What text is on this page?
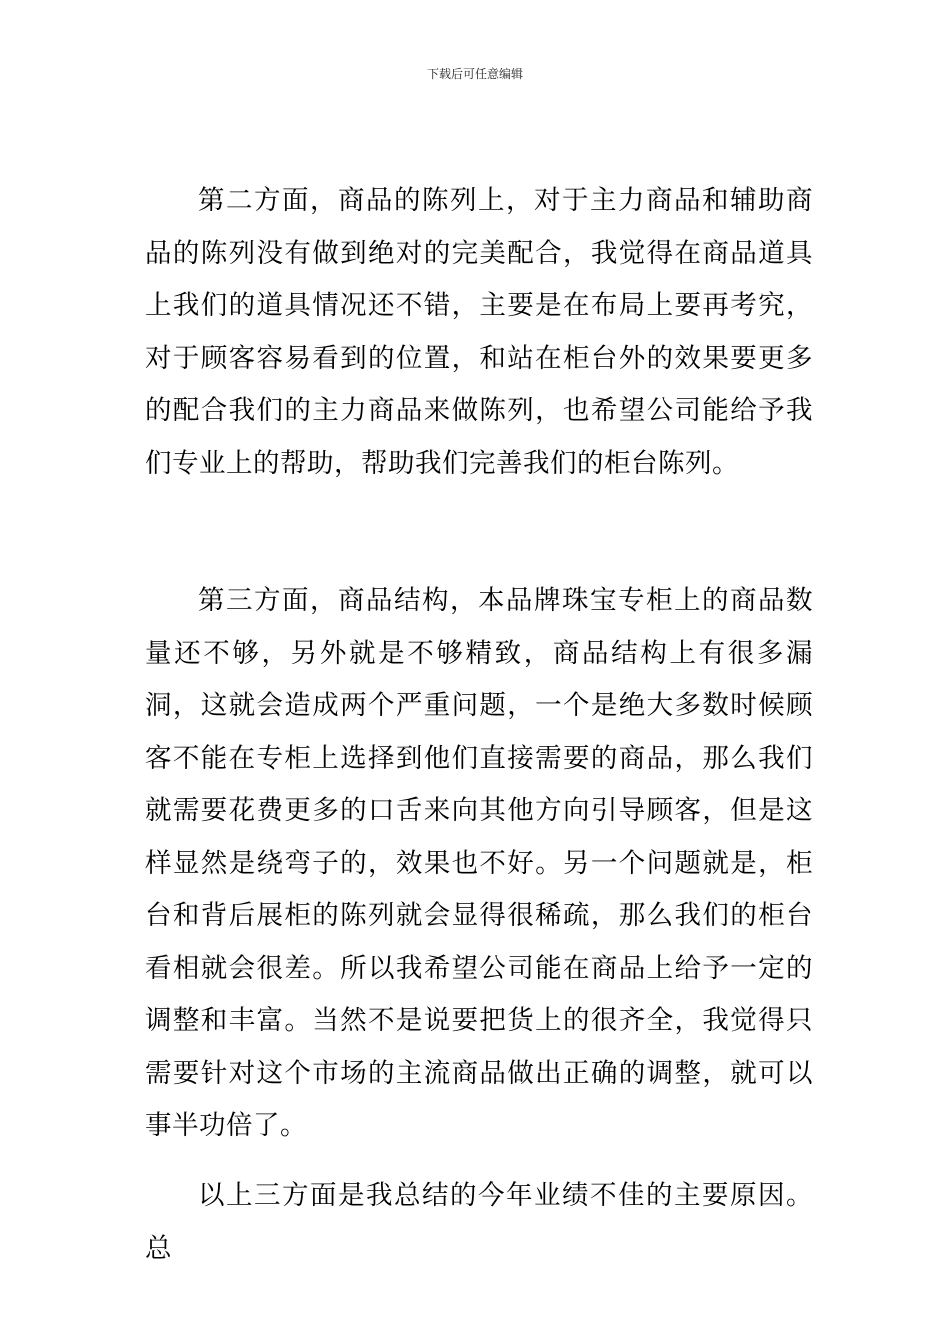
下载后可任意编辑

第二方面，商品的陈列上，对于主力商品和辅助商品的陈列没有做到绝对的完美配合，我觉得在商品道具上我们的道具情况还不错，主要是在布局上要再考究，对于顾客容易看到的位置，和站在柜台外的效果要更多的配合我们的主力商品来做陈列，也希望公司能给予我们专业上的帮助，帮助我们完善我们的柜台陈列。

第三方面，商品结构，本品牌珠宝专柜上的商品数量还不够，另外就是不够精致，商品结构上有很多漏洞，这就会造成两个严重问题，一个是绝大多数时候顾客不能在专柜上选择到他们直接需要的商品，那么我们就需要花费更多的口舌来向其他方向引导顾客，但是这样显然是绕弯子的，效果也不好。另一个问题就是，柜台和背后展柜的陈列就会显得很稀疏，那么我们的柜台看相就会很差。所以我希望公司能在商品上给予一定的调整和丰富。当然不是说要把货上的很齐全，我觉得只需要针对这个市场的主流商品做出正确的调整，就可以事半功倍了。

以上三方面是我总结的今年业绩不佳的主要原因。总
